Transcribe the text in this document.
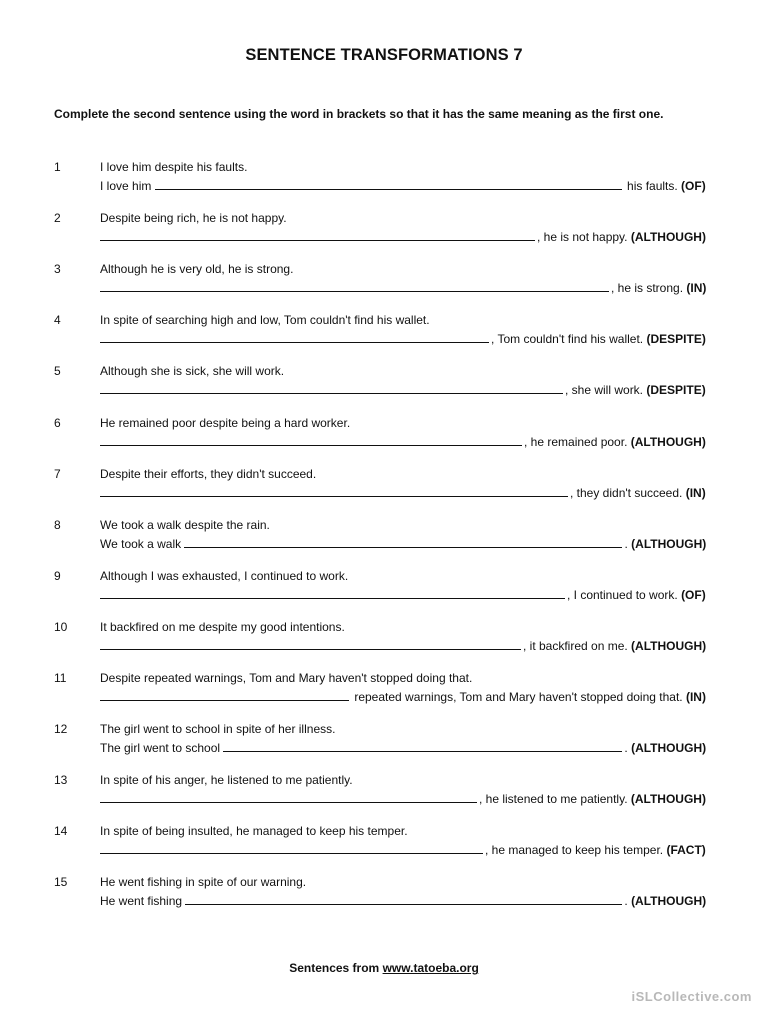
SENTENCE TRANSFORMATIONS 7
Complete the second sentence using the word in brackets so that it has the same meaning as the first one.
1	I love him despite his faults.
I love him	his faults. (OF)
2	Despite being rich, he is not happy.
, he is not happy. (ALTHOUGH)
3	Although he is very old, he is strong.
, he is strong. (IN)
4	In spite of searching high and low, Tom couldn't find his wallet.
, Tom couldn't find his wallet. (DESPITE)
5	Although she is sick, she will work.
, she will work. (DESPITE)
6	He remained poor despite being a hard worker.
, he remained poor. (ALTHOUGH)
7	Despite their efforts, they didn't succeed.
, they didn't succeed. (IN)
8	We took a walk despite the rain.
We took a walk	. (ALTHOUGH)
9	Although I was exhausted, I continued to work.
, I continued to work. (OF)
10	It backfired on me despite my good intentions.
, it backfired on me. (ALTHOUGH)
11	Despite repeated warnings, Tom and Mary haven't stopped doing that.
repeated warnings, Tom and Mary haven't stopped doing that. (IN)
12	The girl went to school in spite of her illness.
The girl went to school	. (ALTHOUGH)
13	In spite of his anger, he listened to me patiently.
, he listened to me patiently. (ALTHOUGH)
14	In spite of being insulted, he managed to keep his temper.
, he managed to keep his temper. (FACT)
15	He went fishing in spite of our warning.
He went fishing	. (ALTHOUGH)
Sentences from www.tatoeba.org
iSLCollective.com
